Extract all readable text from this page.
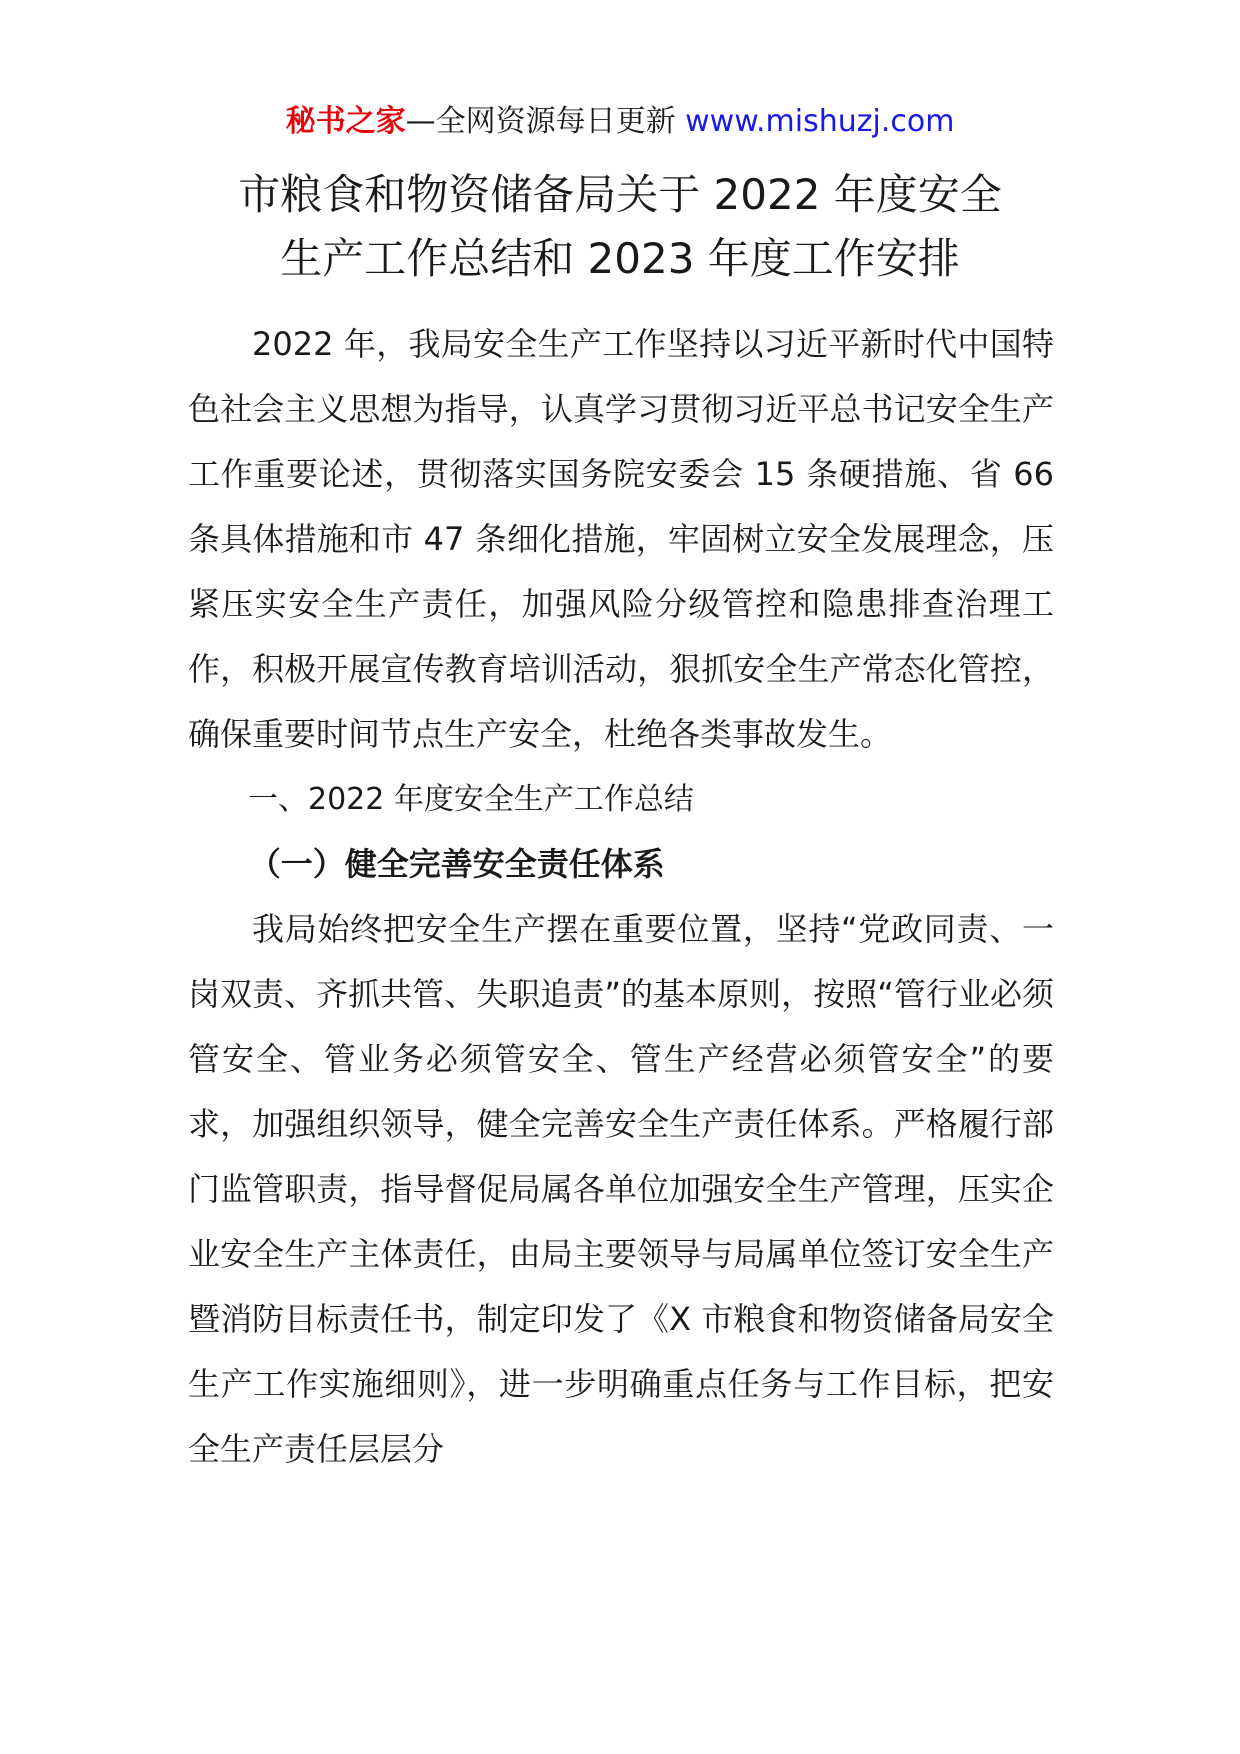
秘书之家—全网资源每日更新 www.mishuzj.com
市粮食和物资储备局关于 2022 年度安全
生产工作总结和 2023 年度工作安排

2022 年，我局安全生产工作坚持以习近平新时代中国特色社会主义思想为指导，认真学习贯彻习近平总书记安全生产工作重要论述，贯彻落实国务院安委会 15 条硬措施、省 66 条具体措施和市 47 条细化措施，牢固树立安全发展理念，压紧压实安全生产责任，加强风险分级管控和隐患排查治理工作，积极开展宣传教育培训活动，狠抓安全生产常态化管控，确保重要时间节点生产安全，杜绝各类事故发生。

一、2022 年度安全生产工作总结

（一）健全完善安全责任体系

我局始终把安全生产摆在重要位置，坚持“党政同责、一岗双责、齐抓共管、失职追责”的基本原则，按照“管行业必须管安全、管业务必须管安全、管生产经营必须管安全”的要求，加强组织领导，健全完善安全生产责任体系。严格履行部门监管职责，指导督促局属各单位加强安全生产管理，压实企业安全生产主体责任，由局主要领导与局属单位签订安全生产暨消防目标责任书，制定印发了《X 市粮食和物资储备局安全生产工作实施细则》，进一步明确重点任务与工作目标，把安全生产责任层层分
